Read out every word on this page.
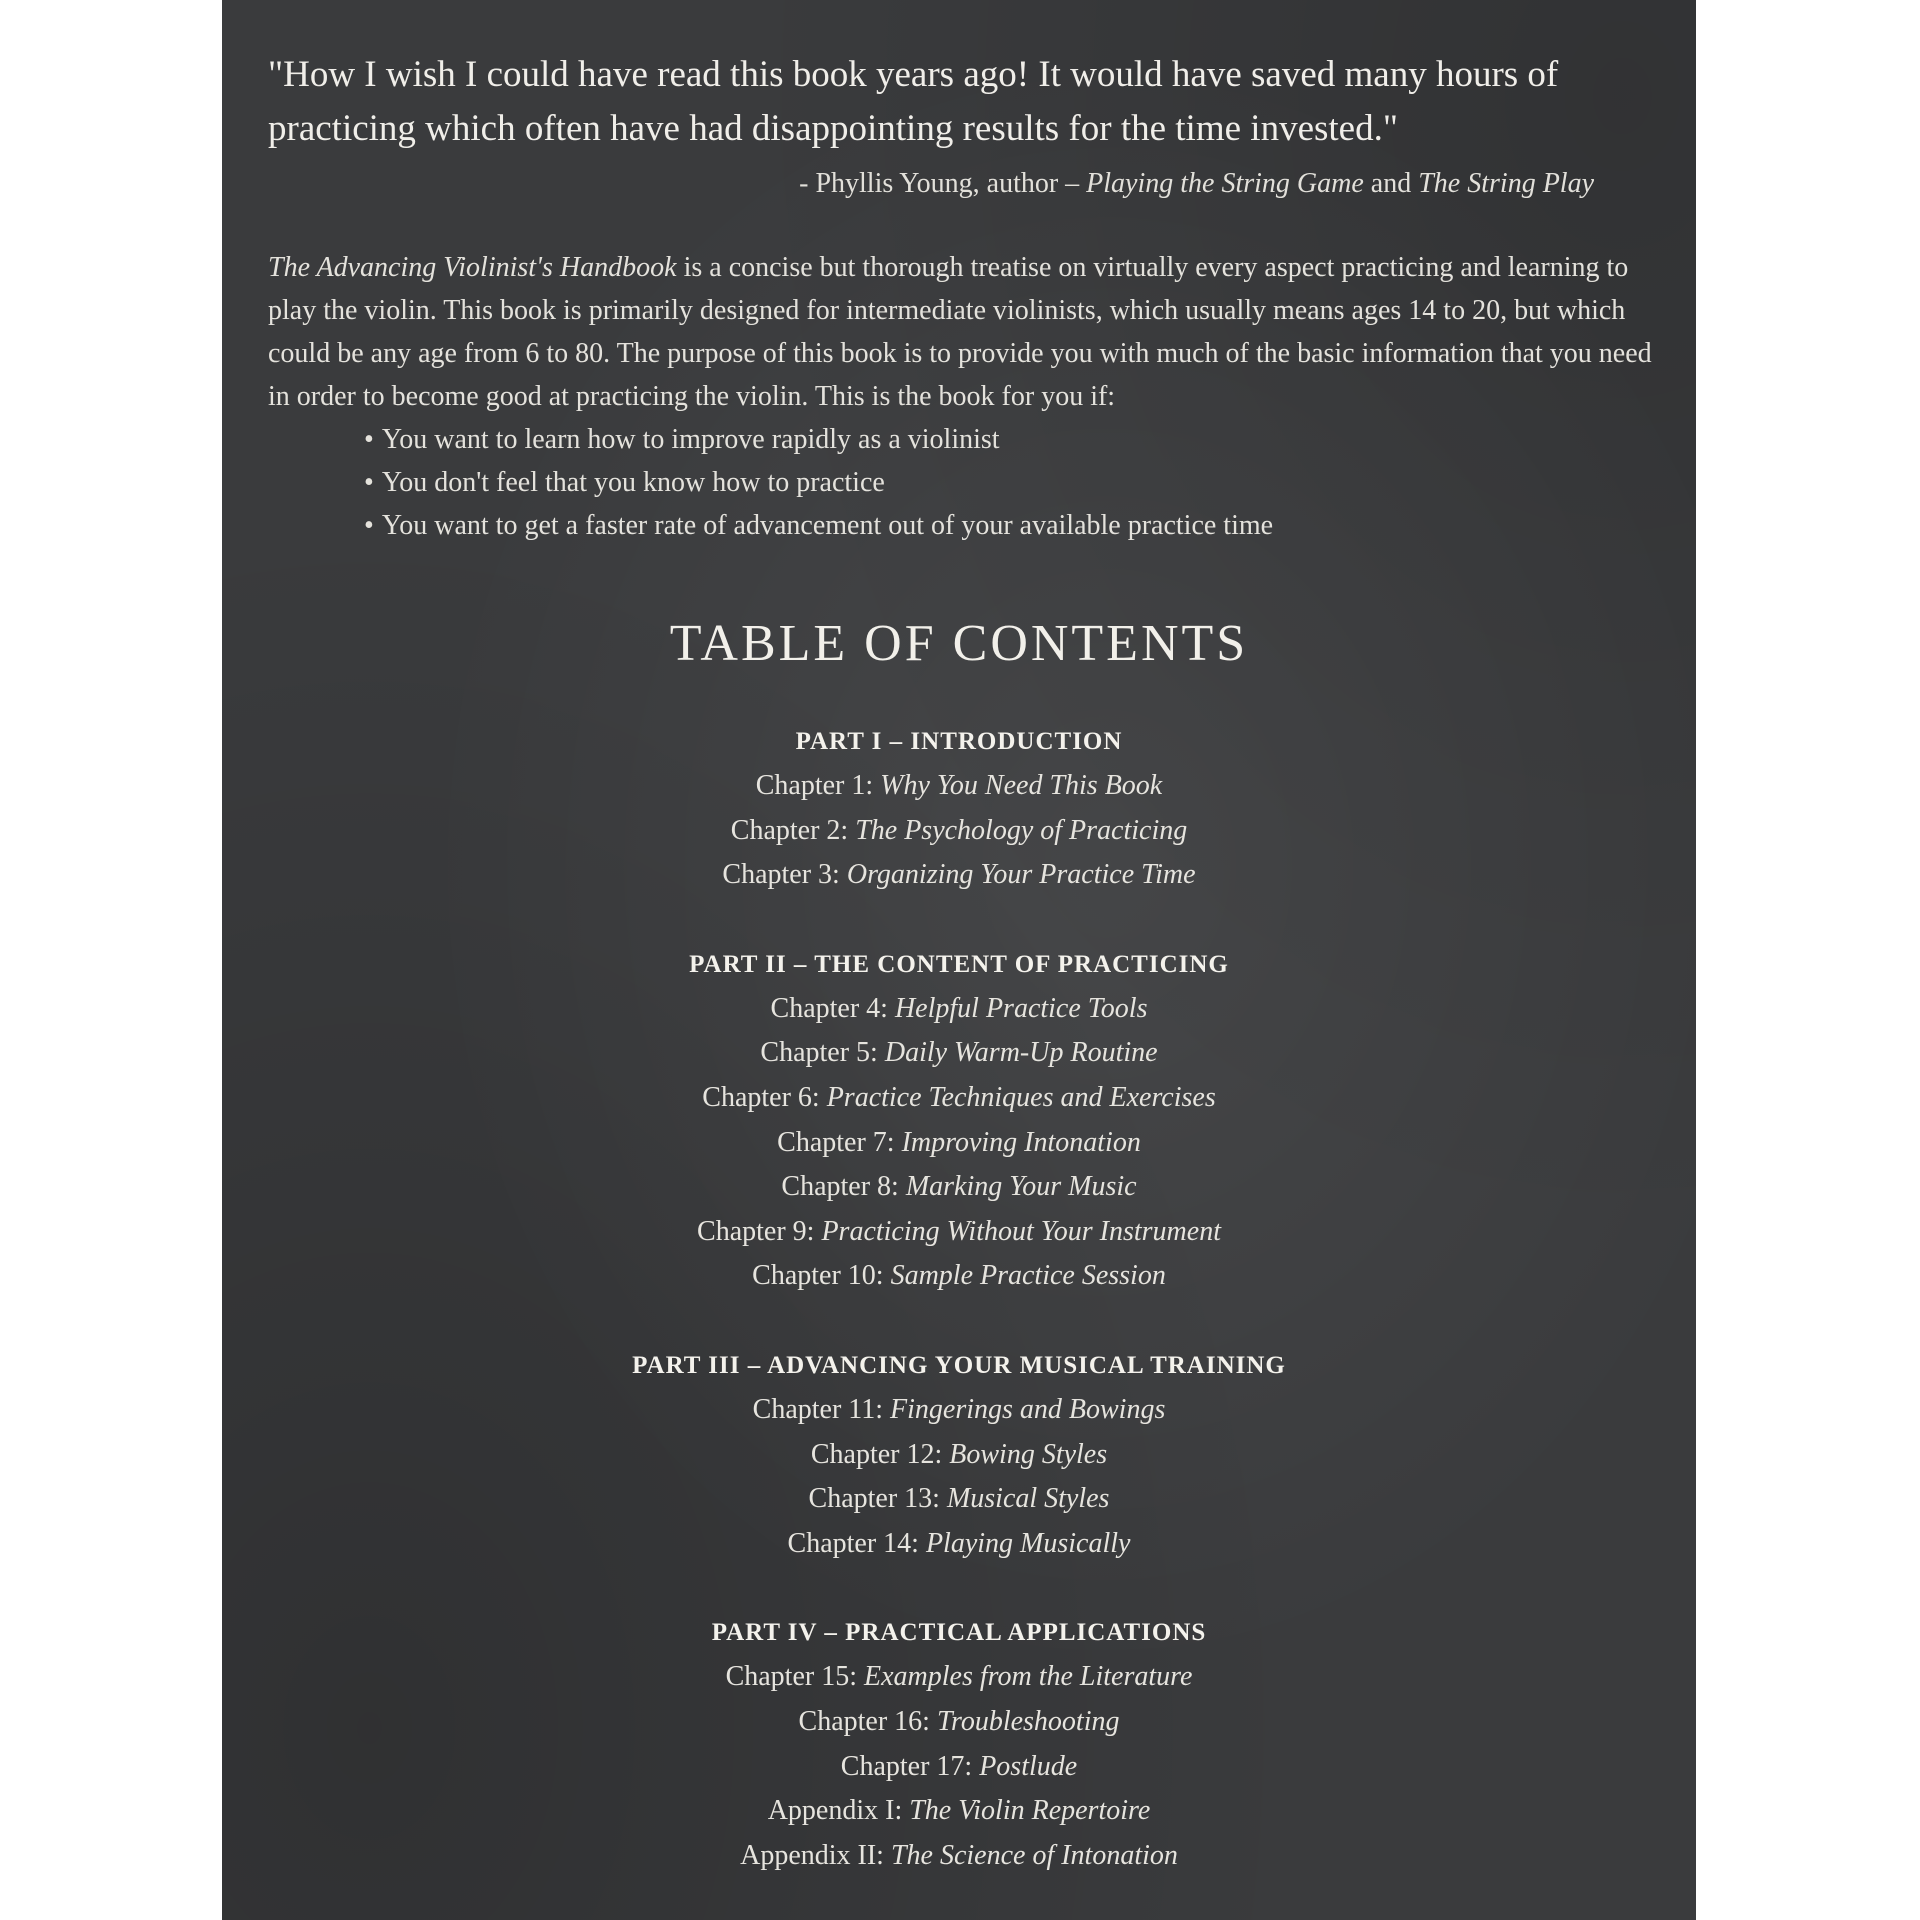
"How I wish I could have read this book years ago! It would have saved many hours of practicing which often have had disappointing results for the time invested."
- Phyllis Young, author – Playing the String Game and The String Play
The Advancing Violinist's Handbook is a concise but thorough treatise on virtually every aspect practicing and learning to play the violin. This book is primarily designed for intermediate violinists, which usually means ages 14 to 20, but which could be any age from 6 to 80. The purpose of this book is to provide you with much of the basic information that you need in order to become good at practicing the violin. This is the book for you if:
• You want to learn how to improve rapidly as a violinist
• You don't feel that you know how to practice
• You want to get a faster rate of advancement out of your available practice time
TABLE OF CONTENTS
PART I – INTRODUCTION
Chapter 1: Why You Need This Book
Chapter 2: The Psychology of Practicing
Chapter 3: Organizing Your Practice Time
PART II – THE CONTENT OF PRACTICING
Chapter 4: Helpful Practice Tools
Chapter 5: Daily Warm-Up Routine
Chapter 6: Practice Techniques and Exercises
Chapter 7: Improving Intonation
Chapter 8: Marking Your Music
Chapter 9: Practicing Without Your Instrument
Chapter 10: Sample Practice Session
PART III – ADVANCING YOUR MUSICAL TRAINING
Chapter 11: Fingerings and Bowings
Chapter 12: Bowing Styles
Chapter 13: Musical Styles
Chapter 14: Playing Musically
PART IV – PRACTICAL APPLICATIONS
Chapter 15: Examples from the Literature
Chapter 16: Troubleshooting
Chapter 17: Postlude
Appendix I: The Violin Repertoire
Appendix II: The Science of Intonation
